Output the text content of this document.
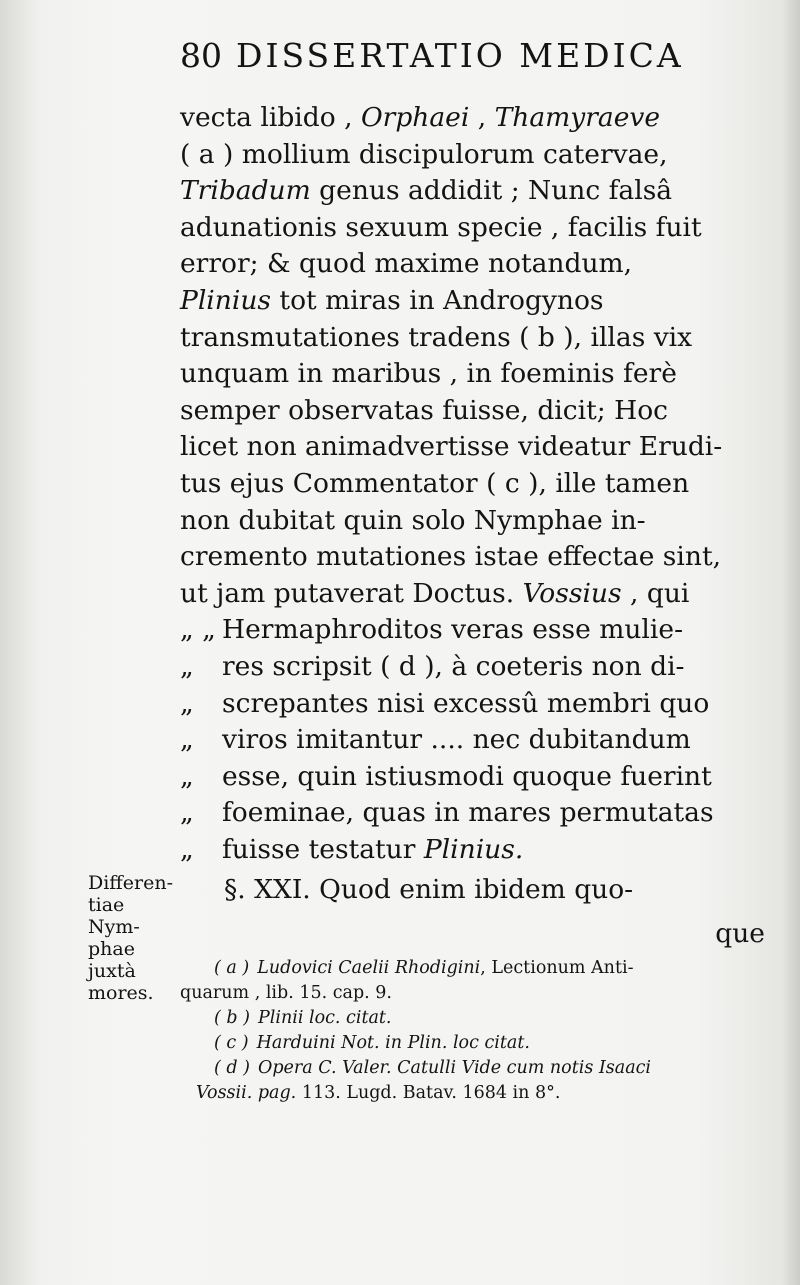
80 DISSERTATIO MEDICA
vecta libido , Orphaei , Thamyraeve
( a ) mollium discipulorum catervae,
Tribadum genus addidit ; Nunc falsâ
adunationis sexuum specie , facilis fuit
error; & quod maxime notandum,
Plinius tot miras in Androgynos
transmutationes tradens ( b ), illas vix
unquam in maribus , in foeminis ferè
semper observatas fuisse, dicit; Hoc
licet non animadvertisse videatur Erudi-
tus ejus Commentator ( c ), ille tamen
non dubitat quin solo Nymphae in-
cremento mutationes istae effectae sint,
ut jam putaverat Doctus. Vossius , qui
„ „ Hermaphroditos veras esse mulie-
„ res scripsit ( d ), à coeteris non di-
„ screpantes nisi excessû membri quo
„ viros imitantur .... nec dubitandum
„ esse, quin istiusmodi quoque fuerint
„ foeminae, quas in mares permutatas
„ fuisse testatur Plinius.
§. XXI. Quod enim ibidem quo-
que
Differen-
tiae
Nym-
phae
juxtà
mores.
( a ) Ludovici Caelii Rhodigini, Lectionum Anti-
quarum , lib. 15. cap. 9.
( b ) Plinii loc. citat.
( c ) Harduini Not. in Plin. loc citat.
( d ) Opera C. Valer. Catulli Vide cum notis Isaaci
Vossii. pag. 113. Lugd. Batav. 1684 in 8°.
